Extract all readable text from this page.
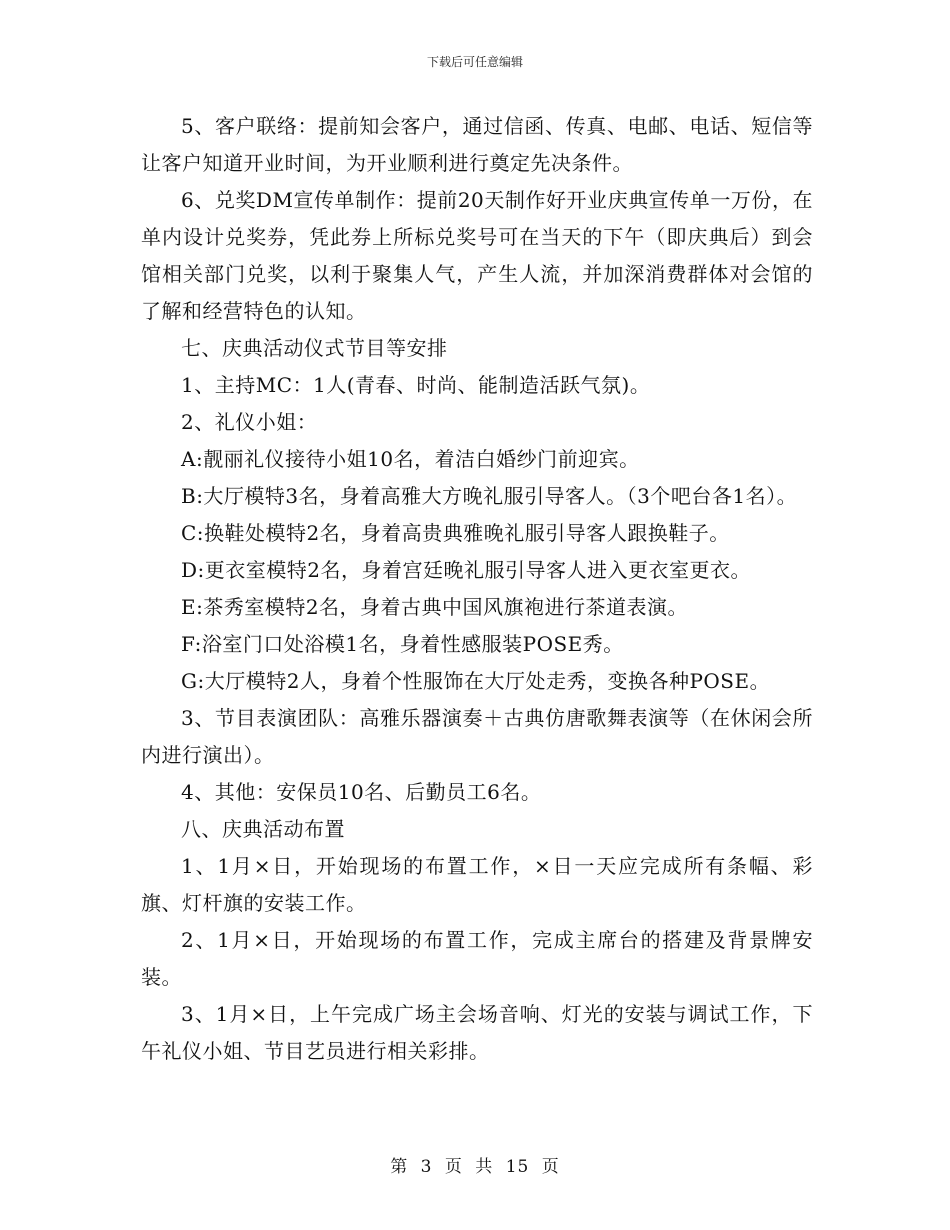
下载后可任意编辑

5、客户联络：提前知会客户，通过信函、传真、电邮、电话、短信等让客户知道开业时间，为开业顺利进行奠定先决条件。

6、兑奖DM宣传单制作：提前20天制作好开业庆典宣传单一万份，在单内设计兑奖券，凭此券上所标兑奖号可在当天的下午（即庆典后）到会馆相关部门兑奖，以利于聚集人气，产生人流，并加深消费群体对会馆的了解和经营特色的认知。

七、庆典活动仪式节目等安排

1、主持MC：1人(青春、时尚、能制造活跃气氛)。

2、礼仪小姐：

A:靓丽礼仪接待小姐10名，着洁白婚纱门前迎宾。

B:大厅模特3名，身着高雅大方晚礼服引导客人。（3个吧台各1名）。

C:换鞋处模特2名，身着高贵典雅晚礼服引导客人跟换鞋子。

D:更衣室模特2名，身着宫廷晚礼服引导客人进入更衣室更衣。

E:茶秀室模特2名，身着古典中国风旗袍进行茶道表演。

F:浴室门口处浴模1名，身着性感服装POSE秀。

G:大厅模特2人，身着个性服饰在大厅处走秀，变换各种POSE。

3、节目表演团队：高雅乐器演奏＋古典仿唐歌舞表演等（在休闲会所内进行演出）。

4、其他：安保员10名、后勤员工6名。

八、庆典活动布置

1、1月×日，开始现场的布置工作，×日一天应完成所有条幅、彩旗、灯杆旗的安装工作。

2、1月×日，开始现场的布置工作，完成主席台的搭建及背景牌安装。

3、1月×日，上午完成广场主会场音响、灯光的安装与调试工作，下午礼仪小姐、节目艺员进行相关彩排。

第 3 页 共 15 页
